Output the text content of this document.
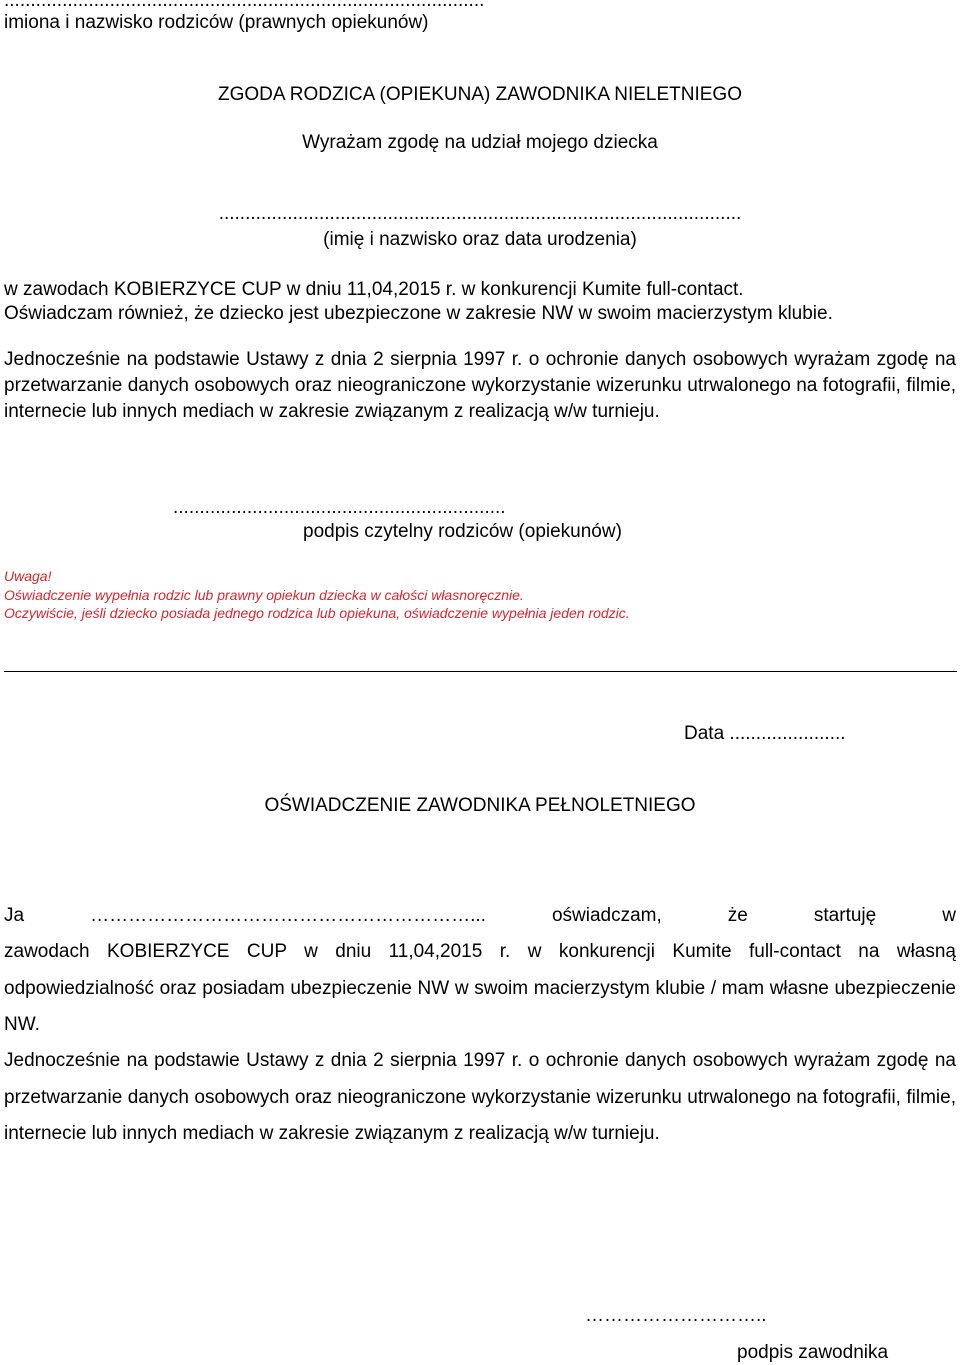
...........................................................................................
imiona i nazwisko rodziców (prawnych opiekunów)
ZGODA RODZICA (OPIEKUNA) ZAWODNIKA NIELETNIEGO
Wyrażam zgodę na udział mojego dziecka
...................................................................................................
(imię i nazwisko oraz data urodzenia)
w zawodach KOBIERZYCE CUP w dniu 11,04,2015 r. w konkurencji Kumite full-contact.
Oświadczam również, że dziecko jest ubezpieczone w zakresie NW w swoim macierzystym klubie.
Jednocześnie na podstawie Ustawy z dnia 2 sierpnia 1997 r. o ochronie danych osobowych wyrażam zgodę na przetwarzanie danych osobowych oraz nieograniczone wykorzystanie wizerunku utrwalonego na fotografii, filmie, internecie lub innych mediach w zakresie związanym z realizacją w/w turnieju.
...............................................................
podpis czytelny rodziców (opiekunów)
Uwaga!
Oświadczenie wypełnia rodzic lub prawny opiekun dziecka w całości własnoręcznie.
Oczywiście, jeśli dziecko posiada jednego rodzica lub opiekuna, oświadczenie wypełnia jeden rodzic.
Data ......................
OŚWIADCZENIE ZAWODNIKA PEŁNOLETNIEGO
Ja	……………………………………………………...	oświadczam,	że	startuję	w
zawodach KOBIERZYCE CUP w dniu 11,04,2015 r. w konkurencji Kumite full-contact na własną odpowiedzialność oraz posiadam ubezpieczenie NW w swoim macierzystym klubie / mam własne ubezpieczenie NW.
Jednocześnie na podstawie Ustawy z dnia 2 sierpnia 1997 r. o ochronie danych osobowych wyrażam zgodę na przetwarzanie danych osobowych oraz nieograniczone wykorzystanie wizerunku utrwalonego na fotografii, filmie, internecie lub innych mediach w zakresie związanym z realizacją w/w turnieju.
………………………..
podpis zawodnika
